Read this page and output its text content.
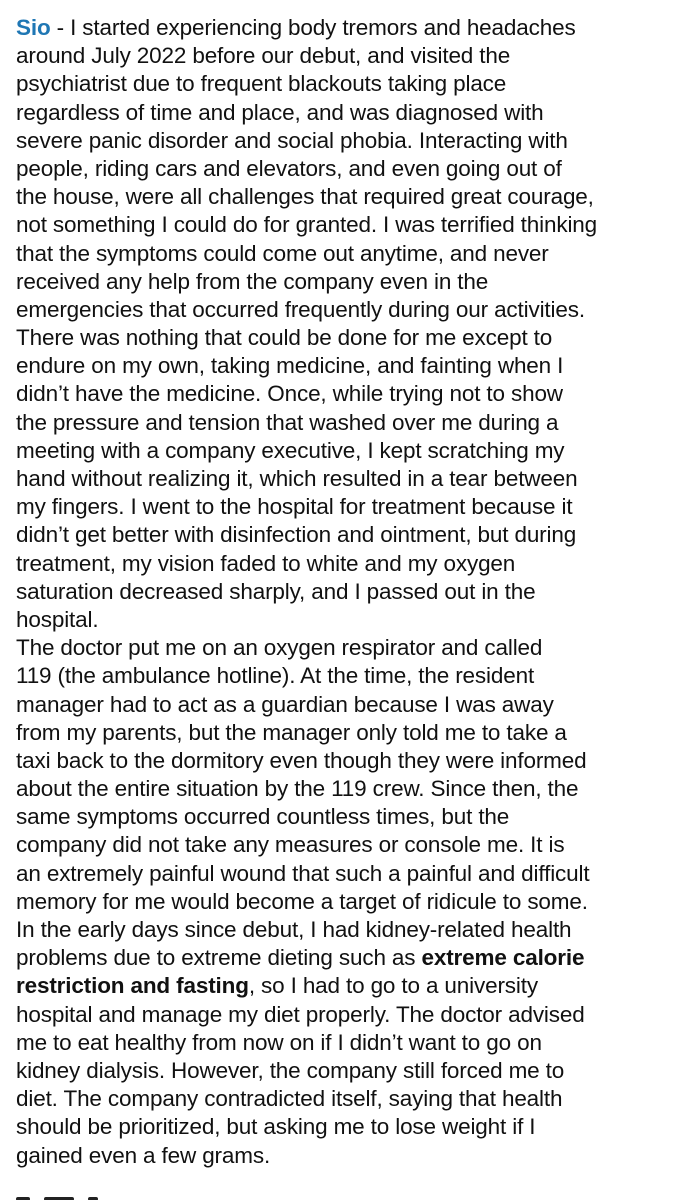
Sio - I started experiencing body tremors and headaches
around July 2022 before our debut, and visited the
psychiatrist due to frequent blackouts taking place
regardless of time and place, and was diagnosed with
severe panic disorder and social phobia. Interacting with
people, riding cars and elevators, and even going out of
the house, were all challenges that required great courage,
not something I could do for granted. I was terrified thinking
that the symptoms could come out anytime, and never
received any help from the company even in the
emergencies that occurred frequently during our activities.
There was nothing that could be done for me except to
endure on my own, taking medicine, and fainting when I
didn’t have the medicine. Once, while trying not to show
the pressure and tension that washed over me during a
meeting with a company executive, I kept scratching my
hand without realizing it, which resulted in a tear between
my fingers. I went to the hospital for treatment because it
didn’t get better with disinfection and ointment, but during
treatment, my vision faded to white and my oxygen
saturation decreased sharply, and I passed out in the
hospital.
The doctor put me on an oxygen respirator and called
119 (the ambulance hotline). At the time, the resident
manager had to act as a guardian because I was away
from my parents, but the manager only told me to take a
taxi back to the dormitory even though they were informed
about the entire situation by the 119 crew. Since then, the
same symptoms occurred countless times, but the
company did not take any measures or console me. It is
an extremely painful wound that such a painful and difficult
memory for me would become a target of ridicule to some.
In the early days since debut, I had kidney-related health
problems due to extreme dieting such as extreme calorie
restriction and fasting, so I had to go to a university
hospital and manage my diet properly. The doctor advised
me to eat healthy from now on if I didn’t want to go on
kidney dialysis. However, the company still forced me to
diet. The company contradicted itself, saying that health
should be prioritized, but asking me to lose weight if I
gained even a few grams.
